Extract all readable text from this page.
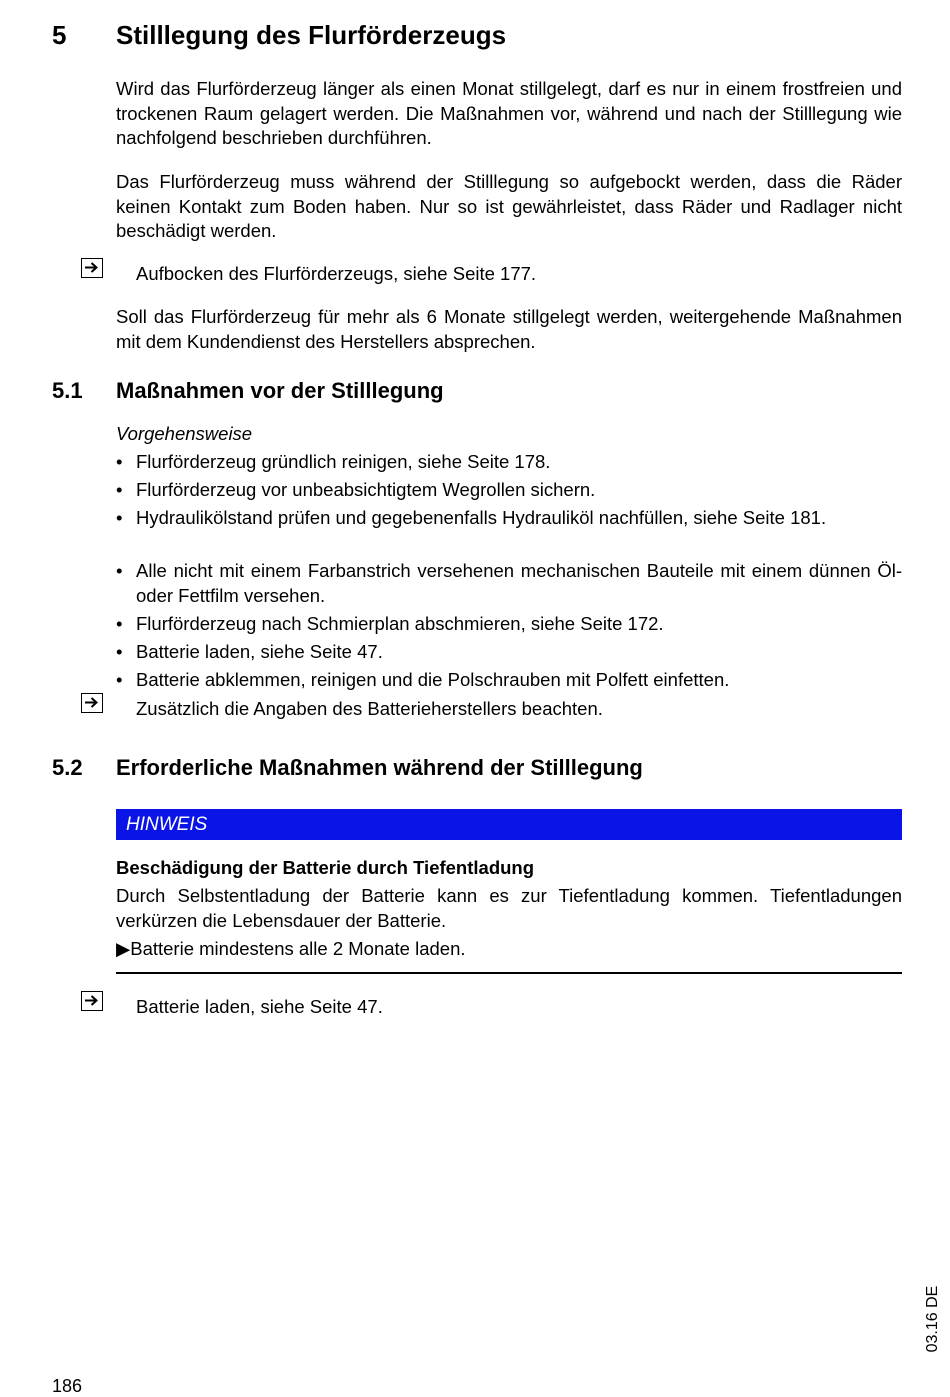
5 Stilllegung des Flurförderzeugs
Wird das Flurförderzeug länger als einen Monat stillgelegt, darf es nur in einem frostfreien und trockenen Raum gelagert werden. Die Maßnahmen vor, während und nach der Stilllegung wie nachfolgend beschrieben durchführen.
Das Flurförderzeug muss während der Stilllegung so aufgebockt werden, dass die Räder keinen Kontakt zum Boden haben. Nur so ist gewährleistet, dass Räder und Radlager nicht beschädigt werden.
Aufbocken des Flurförderzeugs, siehe Seite 177.
Soll das Flurförderzeug für mehr als 6 Monate stillgelegt werden, weitergehende Maßnahmen mit dem Kundendienst des Herstellers absprechen.
5.1 Maßnahmen vor der Stilllegung
Vorgehensweise
• Flurförderzeug gründlich reinigen, siehe Seite 178.
• Flurförderzeug vor unbeabsichtigtem Wegrollen sichern.
• Hydraulikölstand prüfen und gegebenenfalls Hydrauliköl nachfüllen, siehe Seite 181.
• Alle nicht mit einem Farbanstrich versehenen mechanischen Bauteile mit einem dünnen Öl- oder Fettfilm versehen.
• Flurförderzeug nach Schmierplan abschmieren, siehe Seite 172.
• Batterie laden, siehe Seite 47.
• Batterie abklemmen, reinigen und die Polschrauben mit Polfett einfetten.
Zusätzlich die Angaben des Batterieherstellers beachten.
5.2 Erforderliche Maßnahmen während der Stilllegung
HINWEIS
Beschädigung der Batterie durch Tiefentladung
Durch Selbstentladung der Batterie kann es zur Tiefentladung kommen. Tiefentladungen verkürzen die Lebensdauer der Batterie.
▶Batterie mindestens alle 2 Monate laden.
Batterie laden, siehe Seite 47.
03.16 DE
186
